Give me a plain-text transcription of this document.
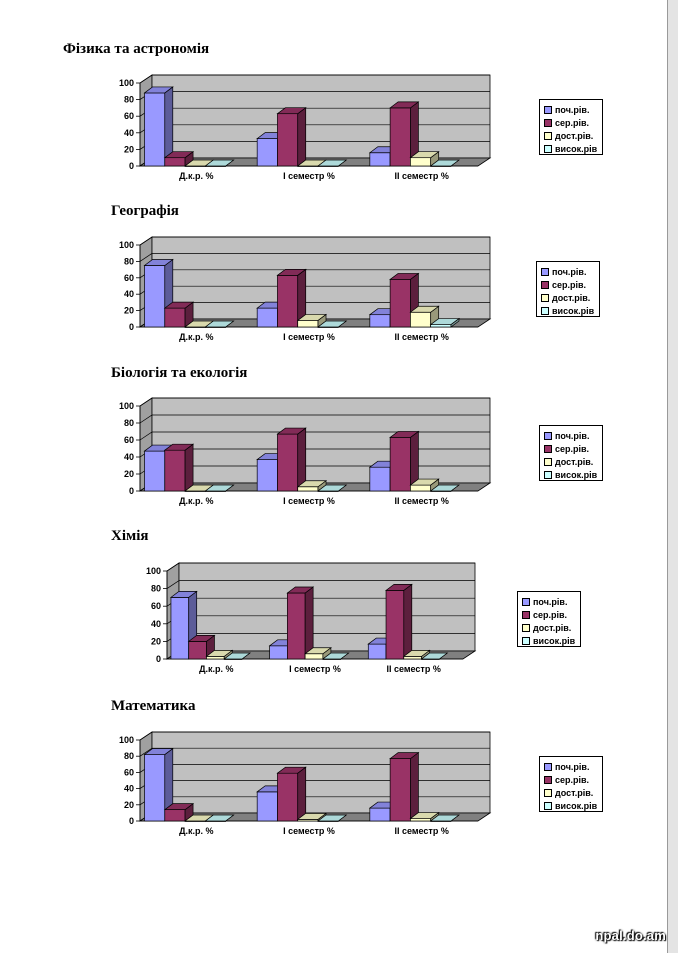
Фізика та астрономія
0
20
40
60
80
100
Д.к.р. %	І семестр %	ІІ семестр %
поч.рів.
сер.рів.
дост.рів.
висок.рів
Географія
0
20
40
60
80
100
Д.к.р. %	І семестр %	ІІ семестр %
поч.рів.
сер.рів.
дост.рів.
висок.рів
Біологія та екологія
0
20
40
60
80
100
Д.к.р. %	І семестр %	ІІ семестр %
поч.рів.
сер.рів.
дост.рів.
висок.рів
Хімія
0
20
40
60
80
100
Д.к.р. %	І семестр %	ІІ семестр %
поч.рів.
сер.рів.
дост.рів.
висок.рів
Математика
0
20
40
60
80
100
Д.к.р. %	І семестр %	ІІ семестр %
поч.рів.
сер.рів.
дост.рів.
висок.рів
npal.do.am
